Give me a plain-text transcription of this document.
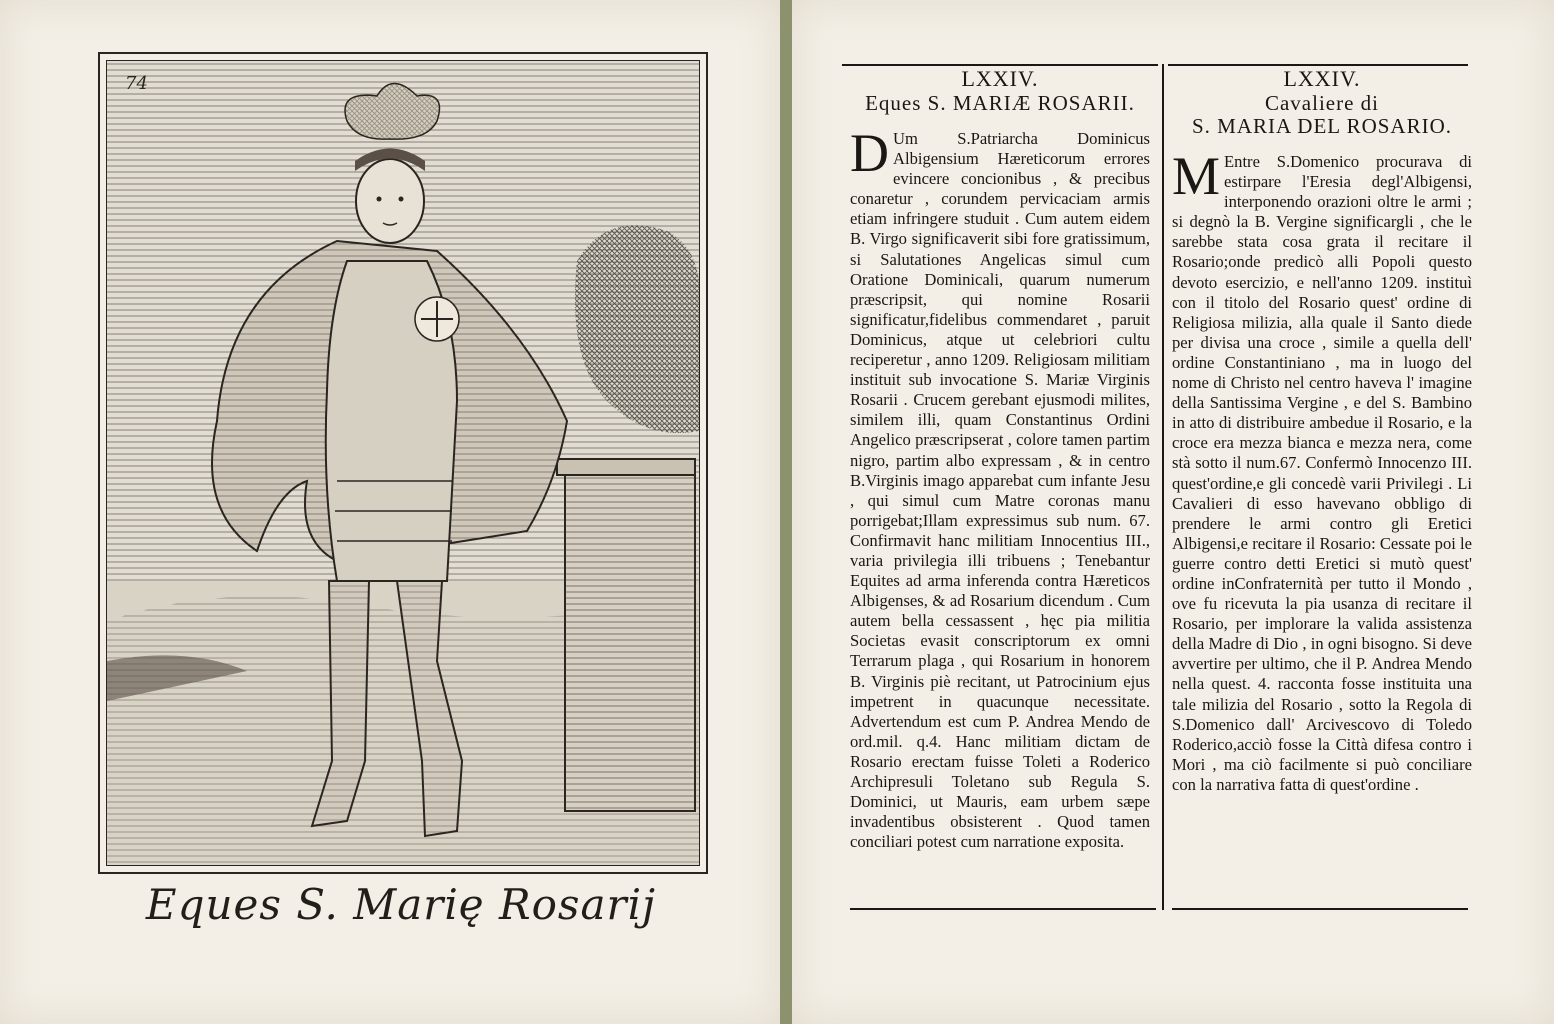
74
Eques S. Marię Rosarij
LXXIV.
Eques S. MARIÆ ROSARII.
D Um S.Patriarcha Dominicus Albigensium Hæreticorum errores evincere concionibus , & precibus conaretur , corundem pervicaciam armis etiam infringere studuit . Cum autem eidem B. Virgo significaverit sibi fore gratissimum, si Salutationes Angelicas simul cum Oratione Dominicali, quarum numerum præscripsit, qui nomine Rosarii significatur,fidelibus commendaret , paruit Dominicus, atque ut celebriori cultu reciperetur , anno 1209. Religiosam militiam instituit sub invocatione S. Mariæ Virginis Rosarii . Crucem gerebant ejusmodi milites, similem illi, quam Constantinus Ordini Angelico præscripserat , colore tamen partim nigro, partim albo expressam , & in centro B.Virginis imago apparebat cum infante Jesu , qui simul cum Matre coronas manu porrigebat;Illam expressimus sub num. 67. Confirmavit hanc militiam Innocentius III., varia privilegia illi tribuens ; Tenebantur Equites ad arma inferenda contra Hæreticos Albigenses, & ad Rosarium dicendum . Cum autem bella cessassent , hęc pia militia Societas evasit conscriptorum ex omni Terrarum plaga , qui Rosarium in honorem B. Virginis piè recitant, ut Patrocinium ejus impetrent in quacunque necessitate. Advertendum est cum P. Andrea Mendo de ord.mil. q.4. Hanc militiam dictam de Rosario erectam fuisse Toleti a Roderico Archipresuli Toletano sub Regula S. Dominici, ut Mauris, eam urbem sæpe invadentibus obsisterent . Quod tamen conciliari potest cum narratione exposita.
LXXIV.
Cavaliere di
S. MARIA DEL ROSARIO.
M Entre S.Domenico procurava di estirpare l'Eresia degl'Albigensi, interponendo orazioni oltre le armi ; si degnò la B. Vergine significargli , che le sarebbe stata cosa grata il recitare il Rosario;onde predicò alli Popoli questo devoto esercizio, e nell'anno 1209. instituì con il titolo del Rosario quest' ordine di Religiosa milizia, alla quale il Santo diede per divisa una croce , simile a quella dell' ordine Constantiniano , ma in luogo del nome di Christo nel centro haveva l' imagine della Santissima Vergine , e del S. Bambino in atto di distribuire ambedue il Rosario, e la croce era mezza bianca e mezza nera, come stà sotto il num.67. Confermò Innocenzo III. quest'ordine,e gli concedè varii Privilegi . Li Cavalieri di esso havevano obbligo di prendere le armi contro gli Eretici Albigensi,e recitare il Rosario: Cessate poi le guerre contro detti Eretici si mutò quest' ordine inConfraternità per tutto il Mondo , ove fu ricevuta la pia usanza di recitare il Rosario, per implorare la valida assistenza della Madre di Dio , in ogni bisogno. Si deve avvertire per ultimo, che il P. Andrea Mendo nella quest. 4. racconta fosse instituita una tale milizia del Rosario , sotto la Regola di S.Domenico dall' Arcivescovo di Toledo Roderico,acciò fosse la Città difesa contro i Mori , ma ciò facilmente si può conciliare con la narrativa fatta di quest'ordine .
